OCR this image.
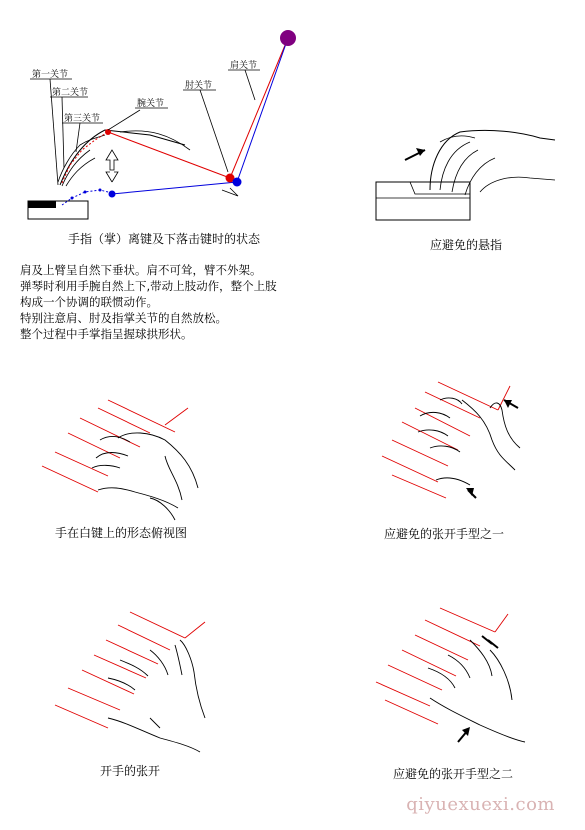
第一关节
第二关节
第三关节
腕关节
肘关节
肩关节
手指（掌）离键及下落击键时的状态	应避免的悬指
肩及上臂呈自然下垂状。肩不可耸，臂不外架。
弹琴时利用手腕自然上下,带动上肢动作，整个上肢
构成一个协调的联惯动作。
特别注意肩、肘及指掌关节的自然放松。
整个过程中手掌指呈握球拱形状。
手在白键上的形态俯视图	应避免的张开手型之一
开手的张开	应避免的张开手型之二
qiyuexuexi.com
